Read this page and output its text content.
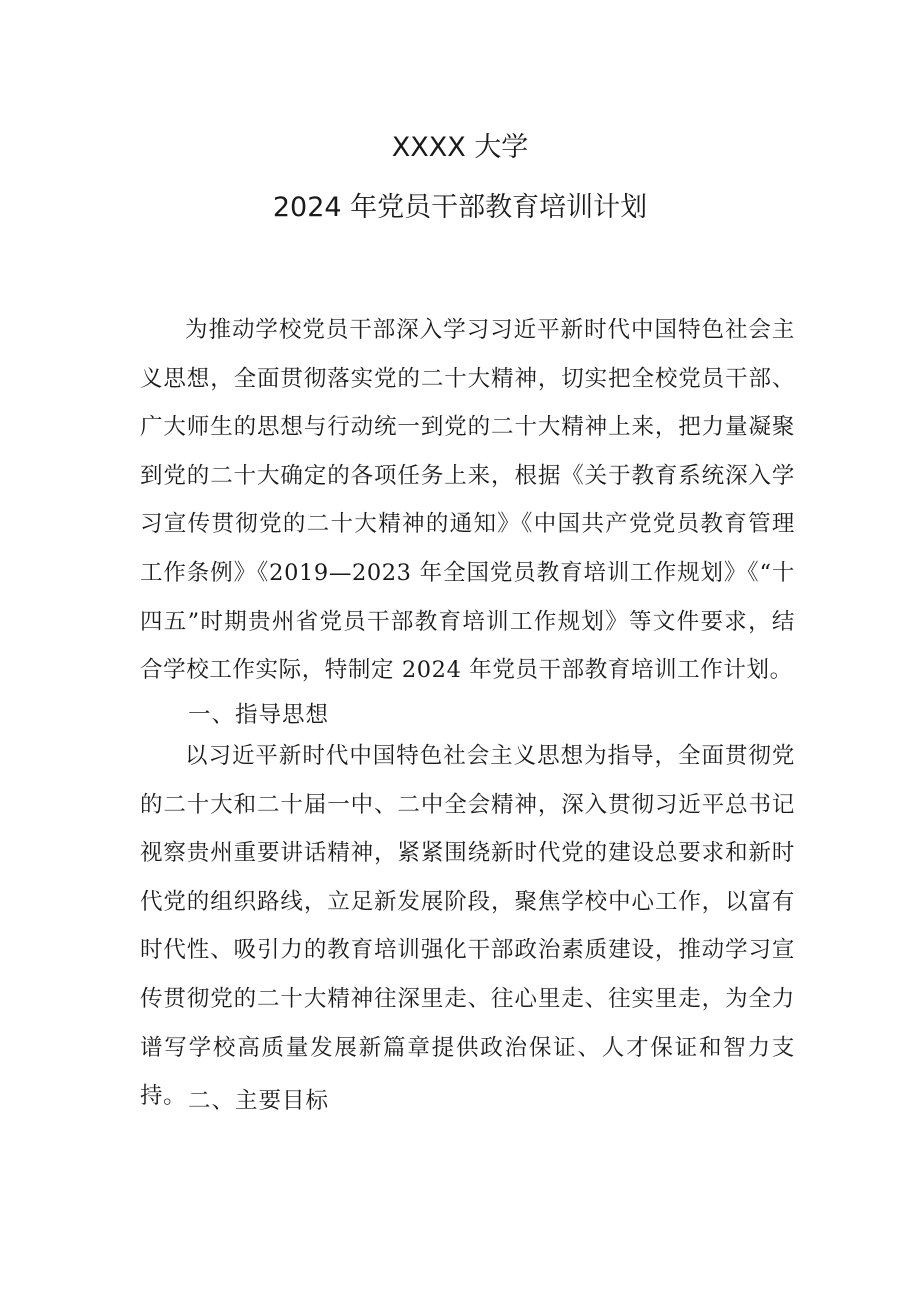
XXXX 大学
2024 年党员干部教育培训计划

为推动学校党员干部深入学习习近平新时代中国特色社会主义思想，全面贯彻落实党的二十大精神，切实把全校党员干部、广大师生的思想与行动统一到党的二十大精神上来，把力量凝聚到党的二十大确定的各项任务上来，根据《关于教育系统深入学习宣传贯彻党的二十大精神的通知》《中国共产党党员教育管理工作条例》《2019—2023 年全国党员教育培训工作规划》《“十四五”时期贵州省党员干部教育培训工作规划》等文件要求，结合学校工作实际，特制定 2024 年党员干部教育培训工作计划。

一、指导思想

以习近平新时代中国特色社会主义思想为指导，全面贯彻党的二十大和二十届一中、二中全会精神，深入贯彻习近平总书记视察贵州重要讲话精神，紧紧围绕新时代党的建设总要求和新时代党的组织路线，立足新发展阶段，聚焦学校中心工作，以富有时代性、吸引力的教育培训强化干部政治素质建设，推动学习宣传贯彻党的二十大精神往深里走、往心里走、往实里走，为全力谱写学校高质量发展新篇章提供政治保证、人才保证和智力支持。 二、主要目标
